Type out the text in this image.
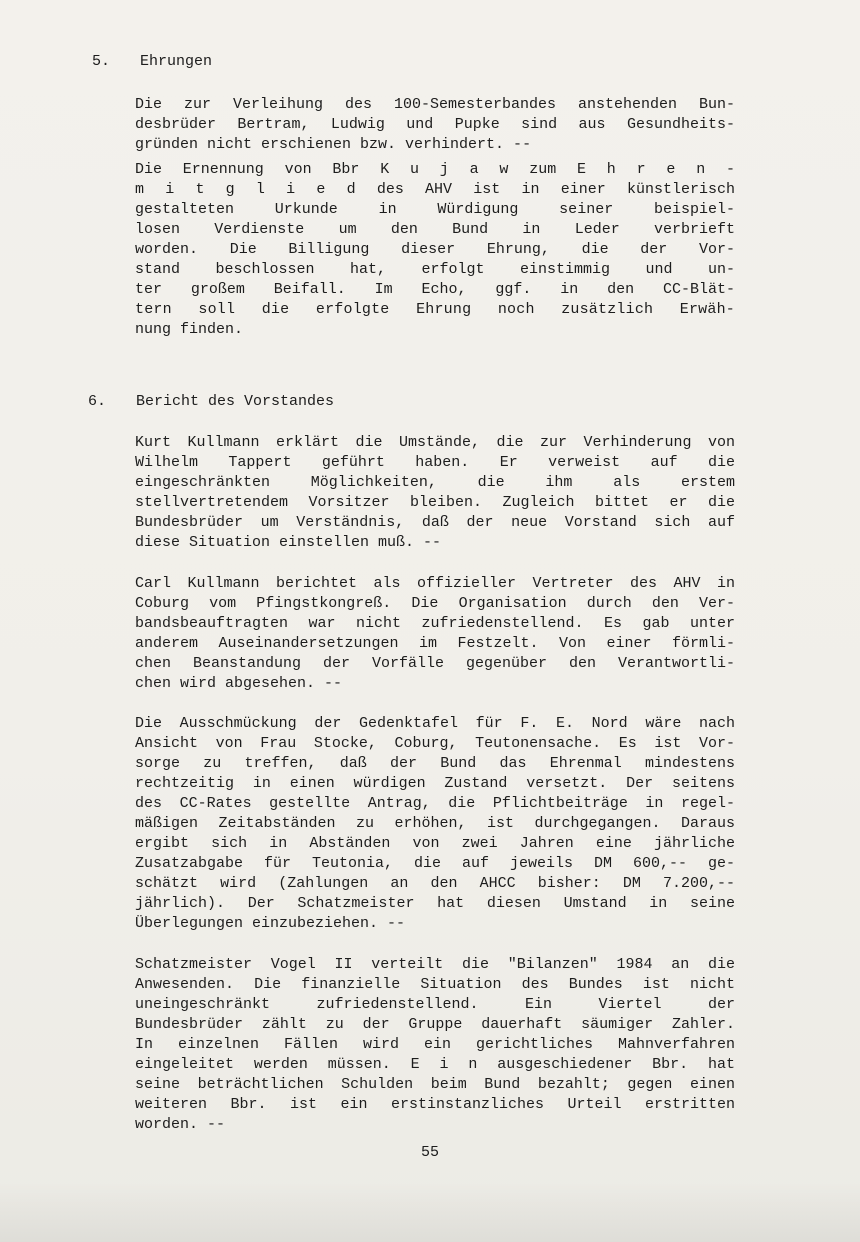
5. Ehrungen
Die zur Verleihung des 100-Semesterbandes anstehenden Bun-
desbrüder Bertram, Ludwig und Pupke sind aus Gesundheits-
gründen nicht erschienen bzw. verhindert. --
Die Ernennung von Bbr K u j a w zum E h r e n -
m i t g l i e d des AHV ist in einer künstlerisch
gestalteten Urkunde in Würdigung seiner beispiel-
losen Verdienste um den Bund in Leder verbrieft
worden. Die Billigung dieser Ehrung, die der Vor-
stand beschlossen hat, erfolgt einstimmig und un-
ter großem Beifall. Im Echo, ggf. in den CC-Blät-
tern soll die erfolgte Ehrung noch zusätzlich Erwäh-
nung finden.
6. Bericht des Vorstandes
Kurt Kullmann erklärt die Umstände, die zur Verhinderung von
Wilhelm Tappert geführt haben. Er verweist auf die
eingeschränkten Möglichkeiten, die ihm als erstem
stellvertretendem Vorsitzer bleiben. Zugleich bittet er die
Bundesbrüder um Verständnis, daß der neue Vorstand sich auf
diese Situation einstellen muß. --
Carl Kullmann berichtet als offizieller Vertreter des AHV in
Coburg vom Pfingstkongreß. Die Organisation durch den Ver-
bandsbeauftragten war nicht zufriedenstellend. Es gab unter
anderem Auseinandersetzungen im Festzelt. Von einer förmli-
chen Beanstandung der Vorfälle gegenüber den Verantwortli-
chen wird abgesehen. --
Die Ausschmückung der Gedenktafel für F. E. Nord wäre nach
Ansicht von Frau Stocke, Coburg, Teutonensache. Es ist Vor-
sorge zu treffen, daß der Bund das Ehrenmal mindestens
rechtzeitig in einen würdigen Zustand versetzt. Der seitens
des CC-Rates gestellte Antrag, die Pflichtbeiträge in regel-
mäßigen Zeitabständen zu erhöhen, ist durchgegangen. Daraus
ergibt sich in Abständen von zwei Jahren eine jährliche
Zusatzabgabe für Teutonia, die auf jeweils DM 600,-- ge-
schätzt wird (Zahlungen an den AHCC bisher: DM 7.200,--
jährlich). Der Schatzmeister hat diesen Umstand in seine
Überlegungen einzubeziehen. --
Schatzmeister Vogel II verteilt die "Bilanzen" 1984 an die
Anwesenden. Die finanzielle Situation des Bundes ist nicht
uneingeschränkt zufriedenstellend. Ein Viertel der
Bundesbrüder zählt zu der Gruppe dauerhaft säumiger Zahler.
In einzelnen Fällen wird ein gerichtliches Mahnverfahren
eingeleitet werden müssen. E i n ausgeschiedener Bbr. hat
seine beträchtlichen Schulden beim Bund bezahlt; gegen einen
weiteren Bbr. ist ein erstinstanzliches Urteil erstritten
worden. --
55
